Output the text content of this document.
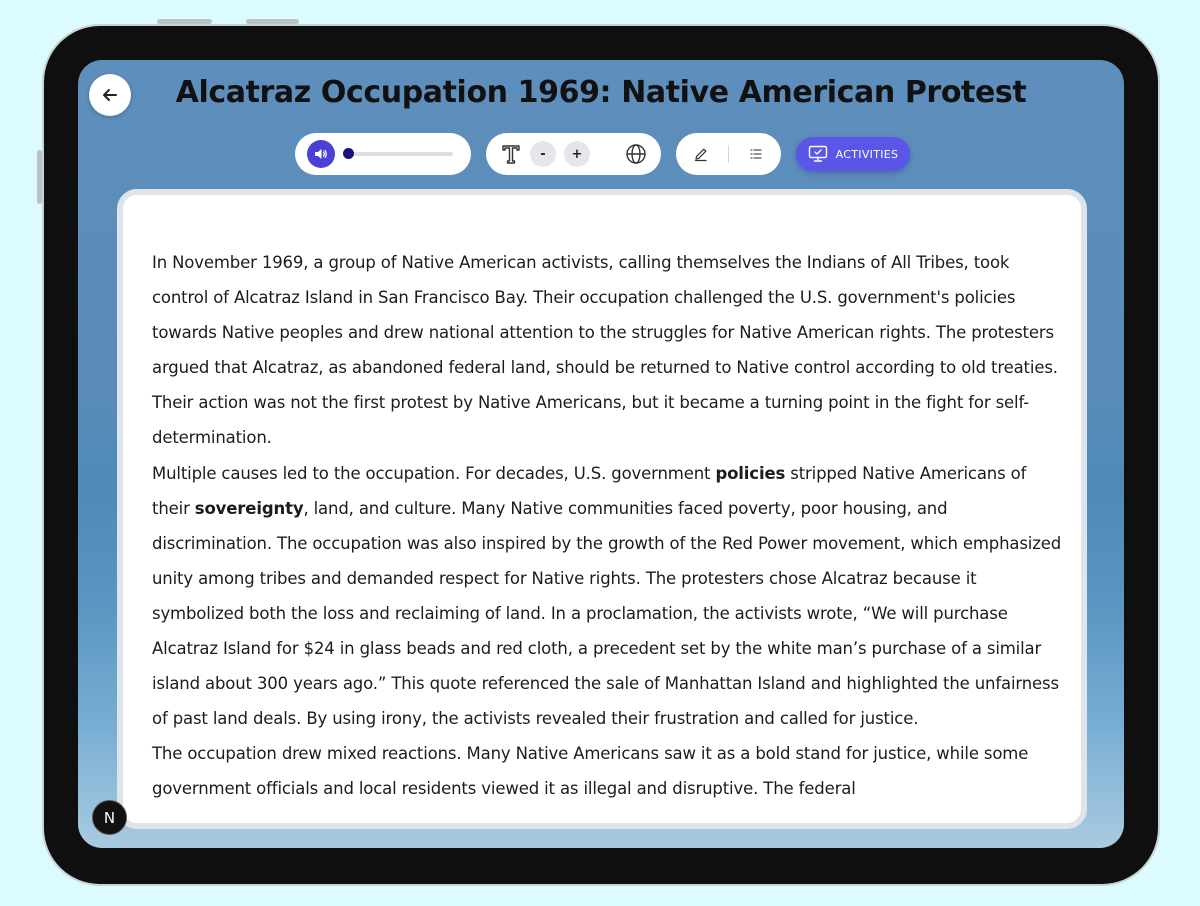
Alcatraz Occupation 1969: Native American Protest
-	+	ACTIVITIES

In November 1969, a group of Native American activists, calling themselves the Indians of All Tribes, took control of Alcatraz Island in San Francisco Bay. Their occupation challenged the U.S. government's policies towards Native peoples and drew national attention to the struggles for Native American rights. The protesters argued that Alcatraz, as abandoned federal land, should be returned to Native control according to old treaties. Their action was not the first protest by Native Americans, but it became a turning point in the fight for self-determination.

Multiple causes led to the occupation. For decades, U.S. government policies stripped Native Americans of their sovereignty, land, and culture. Many Native communities faced poverty, poor housing, and discrimination. The occupation was also inspired by the growth of the Red Power movement, which emphasized unity among tribes and demanded respect for Native rights. The protesters chose Alcatraz because it symbolized both the loss and reclaiming of land. In a proclamation, the activists wrote, “We will purchase Alcatraz Island for $24 in glass beads and red cloth, a precedent set by the white man’s purchase of a similar island about 300 years ago.” This quote referenced the sale of Manhattan Island and highlighted the unfairness of past land deals. By using irony, the activists revealed their frustration and called for justice.

The occupation drew mixed reactions. Many Native Americans saw it as a bold stand for justice, while some government officials and local residents viewed it as illegal and disruptive. The federal

N
